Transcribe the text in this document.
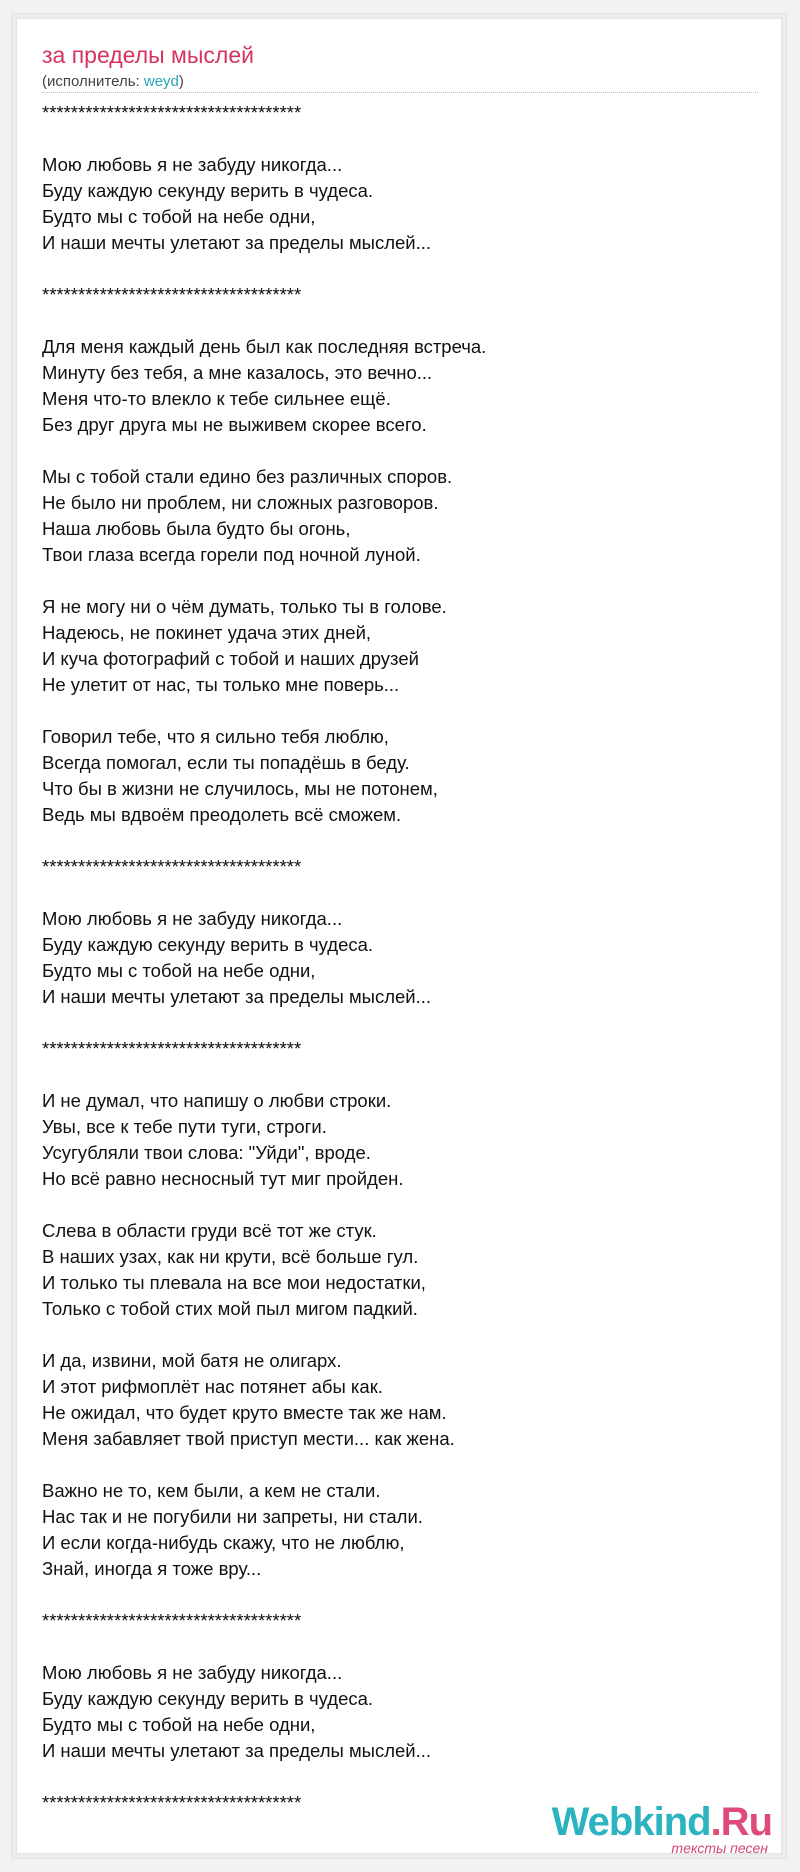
за пределы мыслей
(исполнитель: weyd)
************************************
Мою любовь я не забуду никогда...
Буду каждую секунду верить в чудеса.
Будто мы с тобой на небе одни,
И наши мечты улетают за пределы мыслей...
************************************
Для меня каждый день был как последняя встреча.
Минуту без тебя, а мне казалось, это вечно...
Меня что-то влекло к тебе сильнее ещё.
Без друг друга мы не выживем скорее всего.
Мы с тобой стали едино без различных споров.
Не было ни проблем, ни сложных разговоров.
Наша любовь была будто бы огонь,
Твои глаза всегда горели под ночной луной.
Я не могу ни о чём думать, только ты в голове.
Надеюсь, не покинет удача этих дней,
И куча фотографий с тобой и наших друзей
Не улетит от нас, ты только мне поверь...
Говорил тебе, что я сильно тебя люблю,
Всегда помогал, если ты попадёшь в беду.
Что бы в жизни не случилось, мы не потонем,
Ведь мы вдвоём преодолеть всё сможем.
************************************
Мою любовь я не забуду никогда...
Буду каждую секунду верить в чудеса.
Будто мы с тобой на небе одни,
И наши мечты улетают за пределы мыслей...
************************************
И не думал, что напишу о любви строки.
Увы, все к тебе пути туги, строги.
Усугубляли твои слова: "Уйди", вроде.
Но всё равно несносный тут миг пройден.
Слева в области груди всё тот же стук.
В наших узах, как ни крути, всё больше гул.
И только ты плевала на все мои недостатки,
Только с тобой стих мой пыл мигом падкий.
И да, извини, мой батя не олигарх.
И этот рифмоплёт нас потянет абы как.
Не ожидал, что будет круто вместе так же нам.
Меня забавляет твой приступ мести... как жена.
Важно не то, кем были, а кем не стали.
Нас так и не погубили ни запреты, ни стали.
И если когда-нибудь скажу, что не люблю,
Знай, иногда я тоже вру...
************************************
Мою любовь я не забуду никогда...
Буду каждую секунду верить в чудеса.
Будто мы с тобой на небе одни,
И наши мечты улетают за пределы мыслей...
************************************	Webkind.Ru
тексты песен
